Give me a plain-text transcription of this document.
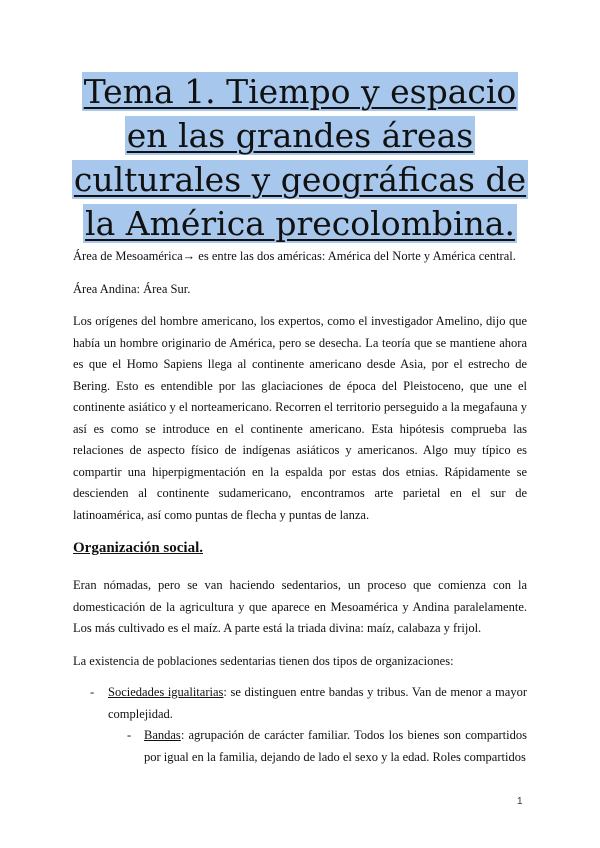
Tema 1. Tiempo y espacio en las grandes áreas culturales y geográficas de la América precolombina.
Área de Mesoamérica→ es entre las dos américas: América del Norte y América central.
Área Andina: Área Sur.
Los orígenes del hombre americano, los expertos, como el investigador Amelino, dijo que había un hombre originario de América, pero se desecha. La teoría que se mantiene ahora es que el Homo Sapiens llega al continente americano desde Asia, por el estrecho de Bering. Esto es entendible por las glaciaciones de época del Pleistoceno, que une el continente asiático y el norteamericano. Recorren el territorio perseguido a la megafauna y así es como se introduce en el continente americano. Esta hipótesis comprueba las relaciones de aspecto físico de indígenas asiáticos y americanos. Algo muy típico es compartir una hiperpigmentación en la espalda por estas dos etnias. Rápidamente se descienden al continente sudamericano, encontramos arte parietal en el sur de latinoamérica, así como puntas de flecha y puntas de lanza.
Organización social.
Eran nómadas, pero se van haciendo sedentarios, un proceso que comienza con la domesticación de la agricultura y que aparece en Mesoamérica y Andina paralelamente. Los más cultivado es el maíz. A parte está la triada divina: maíz, calabaza y frijol.
La existencia de poblaciones sedentarias tienen dos tipos de organizaciones:
- Sociedades igualitarias: se distinguen entre bandas y tribus. Van de menor a mayor complejidad.
- Bandas: agrupación de carácter familiar. Todos los bienes son compartidos por igual en la familia, dejando de lado el sexo y la edad. Roles compartidos
1
